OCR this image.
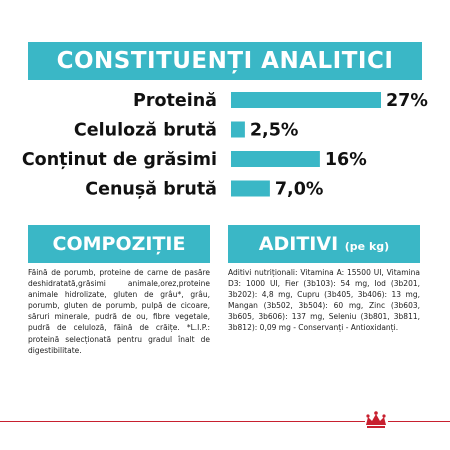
CONSTITUENȚI ANALITICI
Proteină	27%
Celuloză brută 2,5%
Conținut de grăsimi	16%
Cenușă brută	7,0%
COMPOZIȚIE
Făină de porumb, proteine de carne de pasăre deshidratată,grăsimi animale,orez,proteine animale hidrolizate, gluten de grâu*, grâu, porumb, gluten de porumb, pulpă de cicoare, săruri minerale, pudră de ou, fibre vegetale, pudră de celuloză, făină de crăițe. *L.I.P.: proteină selecționată pentru gradul înalt de digestibilitate.
ADITIVI (pe kg)
Aditivi nutriționali: Vitamina A: 15500 UI, Vitamina D3: 1000 UI, Fier (3b103): 54 mg, Iod (3b201, 3b202): 4,8 mg, Cupru (3b405, 3b406): 13 mg, Mangan (3b502, 3b504): 60 mg, Zinc (3b603, 3b605, 3b606): 137 mg, Seleniu (3b801, 3b811, 3b812): 0,09 mg - Conservanți - Antioxidanți.
